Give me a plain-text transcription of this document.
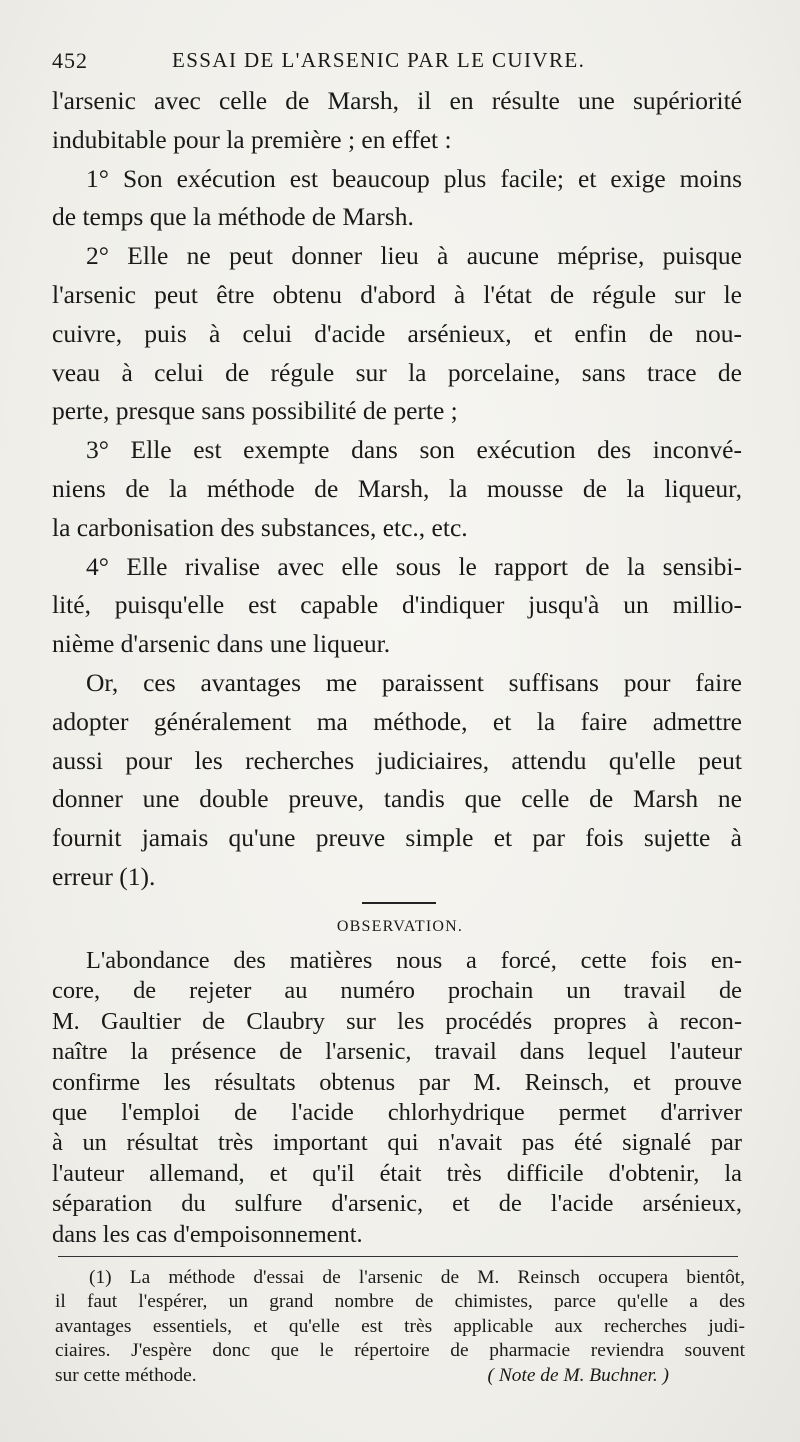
452	ESSAI DE L'ARSENIC PAR LE CUIVRE.
l'arsenic avec celle de Marsh, il en résulte une supériorité
indubitable pour la première ; en effet :
1° Son exécution est beaucoup plus facile; et exige moins
de temps que la méthode de Marsh.
2° Elle ne peut donner lieu à aucune méprise, puisque
l'arsenic peut être obtenu d'abord à l'état de régule sur le
cuivre, puis à celui d'acide arsénieux, et enfin de nou-
veau à celui de régule sur la porcelaine, sans trace de
perte, presque sans possibilité de perte ;
3° Elle est exempte dans son exécution des inconvé-
niens de la méthode de Marsh, la mousse de la liqueur,
la carbonisation des substances, etc., etc.
4° Elle rivalise avec elle sous le rapport de la sensibi-
lité, puisqu'elle est capable d'indiquer jusqu'à un millio-
nième d'arsenic dans une liqueur.
Or, ces avantages me paraissent suffisans pour faire
adopter généralement ma méthode, et la faire admettre
aussi pour les recherches judiciaires, attendu qu'elle peut
donner une double preuve, tandis que celle de Marsh ne
fournit jamais qu'une preuve simple et par fois sujette à
erreur (1).
OBSERVATION.
L'abondance des matières nous a forcé, cette fois en-
core, de rejeter au numéro prochain un travail de
M. Gaultier de Claubry sur les procédés propres à recon-
naître la présence de l'arsenic, travail dans lequel l'auteur
confirme les résultats obtenus par M. Reinsch, et prouve
que l'emploi de l'acide chlorhydrique permet d'arriver
à un résultat très important qui n'avait pas été signalé par
l'auteur allemand, et qu'il était très difficile d'obtenir, la
séparation du sulfure d'arsenic, et de l'acide arsénieux,
dans les cas d'empoisonnement.
(1) La méthode d'essai de l'arsenic de M. Reinsch occupera bientôt,
il faut l'espérer, un grand nombre de chimistes, parce qu'elle a des
avantages essentiels, et qu'elle est très applicable aux recherches judi-
ciaires. J'espère donc que le répertoire de pharmacie reviendra souvent
sur cette méthode.	( Note de M. Buchner. )
